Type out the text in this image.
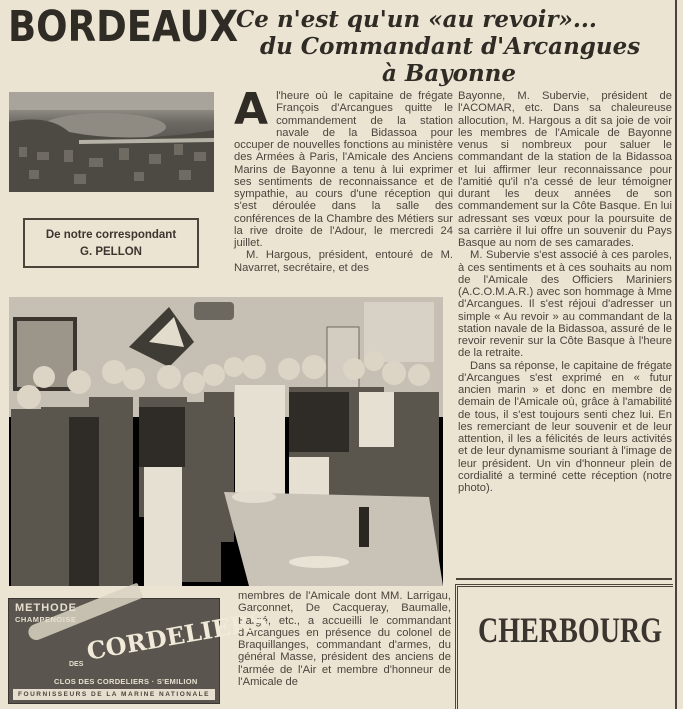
BORDEAUX
Ce n'est qu'un «au revoir»...
du Commandant d'Arcangues
à Bayonne
De notre correspondant
G. PELLON
A l'heure où le capitaine de frégate François d'Arcangues quitte le commandement de la station navale de la Bidassoa pour occuper de nouvelles fonctions au ministère des Armées à Paris, l'Amicale des Anciens Marins de Bayonne a tenu à lui exprimer ses sentiments de reconnaissance et de sympathie, au cours d'une réception qui s'est déroulée dans la salle des conférences de la Chambre des Métiers sur la rive droite de l'Adour, le mercredi 24 juillet.

M. Hargous, président, entouré de M. Navarret, secrétaire, et des

Bayonne, M. Subervie, président de l'ACOMAR, etc. Dans sa chaleureuse allocution, M. Hargous a dit sa joie de voir les membres de l'Amicale de Bayonne venus si nombreux pour saluer le commandant de la station de la Bidassoa et lui affirmer leur reconnaissance pour l'amitié qu'il n'a cessé de leur témoigner durant les deux années de son commandement sur la Côte Basque. En lui adressant ses vœux pour la poursuite de sa carrière il lui offre un souvenir du Pays Basque au nom de ses camarades.

M. Subervie s'est associé à ces paroles, à ces sentiments et à ces souhaits au nom de l'Amicale des Officiers Mariniers (A.C.O.M.A.R.) avec son hommage à Mme d'Arcangues. Il s'est réjoui d'adresser un simple « Au revoir » au commandant de la station navale de la Bidassoa, assuré de le revoir revenir sur la Côte Basque à l'heure de la retraite.

Dans sa réponse, le capitaine de frégate d'Arcangues s'est exprimé en « futur ancien marin » et donc en membre de demain de l'Amicale où, grâce à l'amabilité de tous, il s'est toujours senti chez lui. En les remerciant de leur souvenir et de leur attention, il les a félicités de leurs activités et de leur dynamisme souriant à l'image de leur président. Un vin d'honneur plein de cordialité a terminé cette réception (notre photo).

membres de l'Amicale dont MM. Larrigau, Garçonnet, De Cacqueray, Baumalle, Bargé, etc., a accueilli le commandant d'Arcangues en présence du colonel de Braquillanges, commandant d'armes, du général Masse, président des anciens de l'armée de l'Air et membre d'honneur de l'Amicale de

METHODE
CHAMPENOISE
DES CORDELIERS
CLOS DES CORDELIERS · S'EMILION
FOURNISSEURS DE LA MARINE NATIONALE
CHERBOURG
